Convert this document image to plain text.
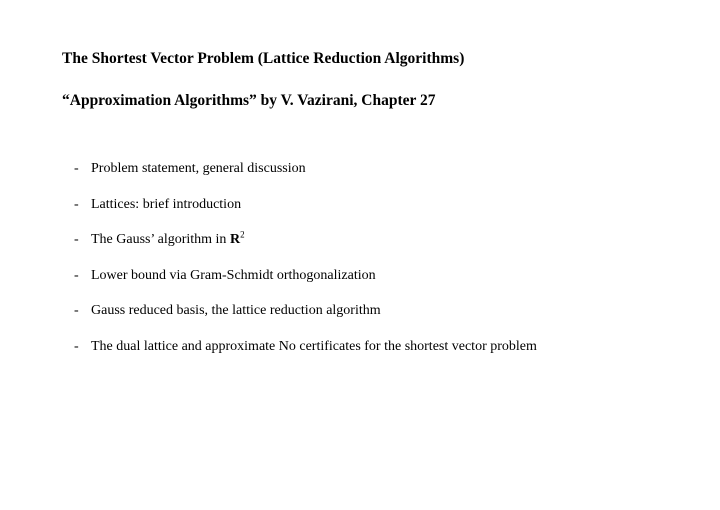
The Shortest Vector Problem (Lattice Reduction Algorithms)
“Approximation Algorithms” by V. Vazirani, Chapter 27
- Problem statement, general discussion
- Lattices: brief introduction
- The Gauss’ algorithm in $R^2$
- Lower bound via Gram-Schmidt orthogonalization
- Gauss reduced basis, the lattice reduction algorithm
- The dual lattice and approximate No certificates for the shortest vector problem
